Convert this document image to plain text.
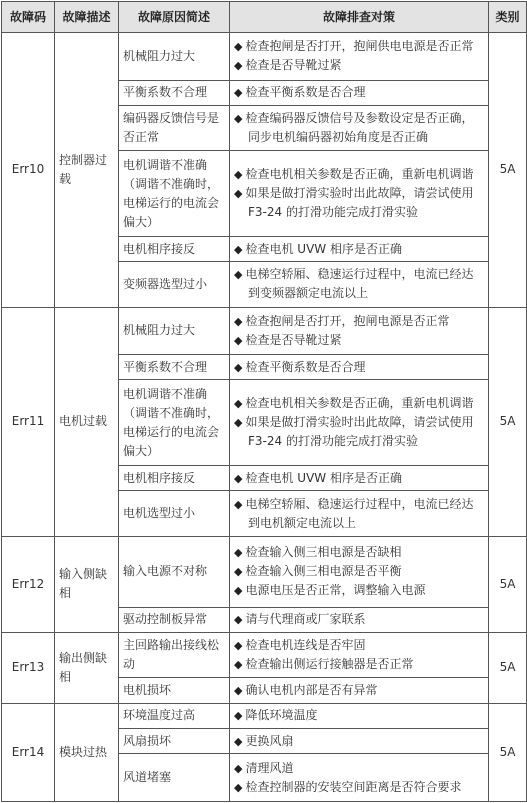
故障码	故障描述	故障原因简述	故障排查对策	类别
Err10	控制器过载	机械阻力过大	◆ 检查抱闸是否打开，抱闸供电电源是否正常
◆ 检查是否导靴过紧	5A
		平衡系数不合理	◆ 检查平衡系数是否合理	

		编码器反馈信号是否正常	◆ 检查编码器反馈信号及参数设定是否正确，同步电机编码器初始角度是否正确	

		电机调谐不准确（调谐不准确时，电梯运行的电流会偏大）	◆ 检查电机相关参数是否正确，重新电机调谐
◆ 如果是做打滑实验时出此故障，请尝试使用F3-24 的打滑功能完成打滑实验	

		电机相序接反	◆ 检查电机 UVW 相序是否正确	

		变频器选型过小	◆ 电梯空轿厢、稳速运行过程中，电流已经达到变频器额定电流以上	

Err11	电机过载	机械阻力过大	◆ 检查抱闸是否打开，抱闸电源是否正常
◆ 检查是否导靴过紧	5A
		平衡系数不合理	◆ 检查平衡系数是否合理	

		电机调谐不准确（调谐不准确时，电梯运行的电流会偏大）	◆ 检查电机相关参数是否正确，重新电机调谐
◆ 如果是做打滑实验时出此故障，请尝试使用F3-24 的打滑功能完成打滑实验	

		电机相序接反	◆ 检查电机 UVW 相序是否正确	

		电机选型过小	◆ 电梯空轿厢、稳速运行过程中，电流已经达到电机额定电流以上	

Err12	输入侧缺相	输入电源不对称	◆ 检查输入侧三相电源是否缺相
◆ 检查输入侧三相电源是否平衡
◆ 电源电压是否正常，调整输入电源	5A
		驱动控制板异常	◆ 请与代理商或厂家联系	

Err13	输出侧缺相	主回路输出接线松动	◆ 检查电机连线是否牢固
◆ 检查输出侧运行接触器是否正常	5A
		电机损坏	◆ 确认电机内部是否有异常	

Err14	模块过热	环境温度过高	◆ 降低环境温度	5A
		风扇损坏	◆ 更换风扇	

		风道堵塞	◆ 清理风道
◆ 检查控制器的安装空间距离是否符合要求	
